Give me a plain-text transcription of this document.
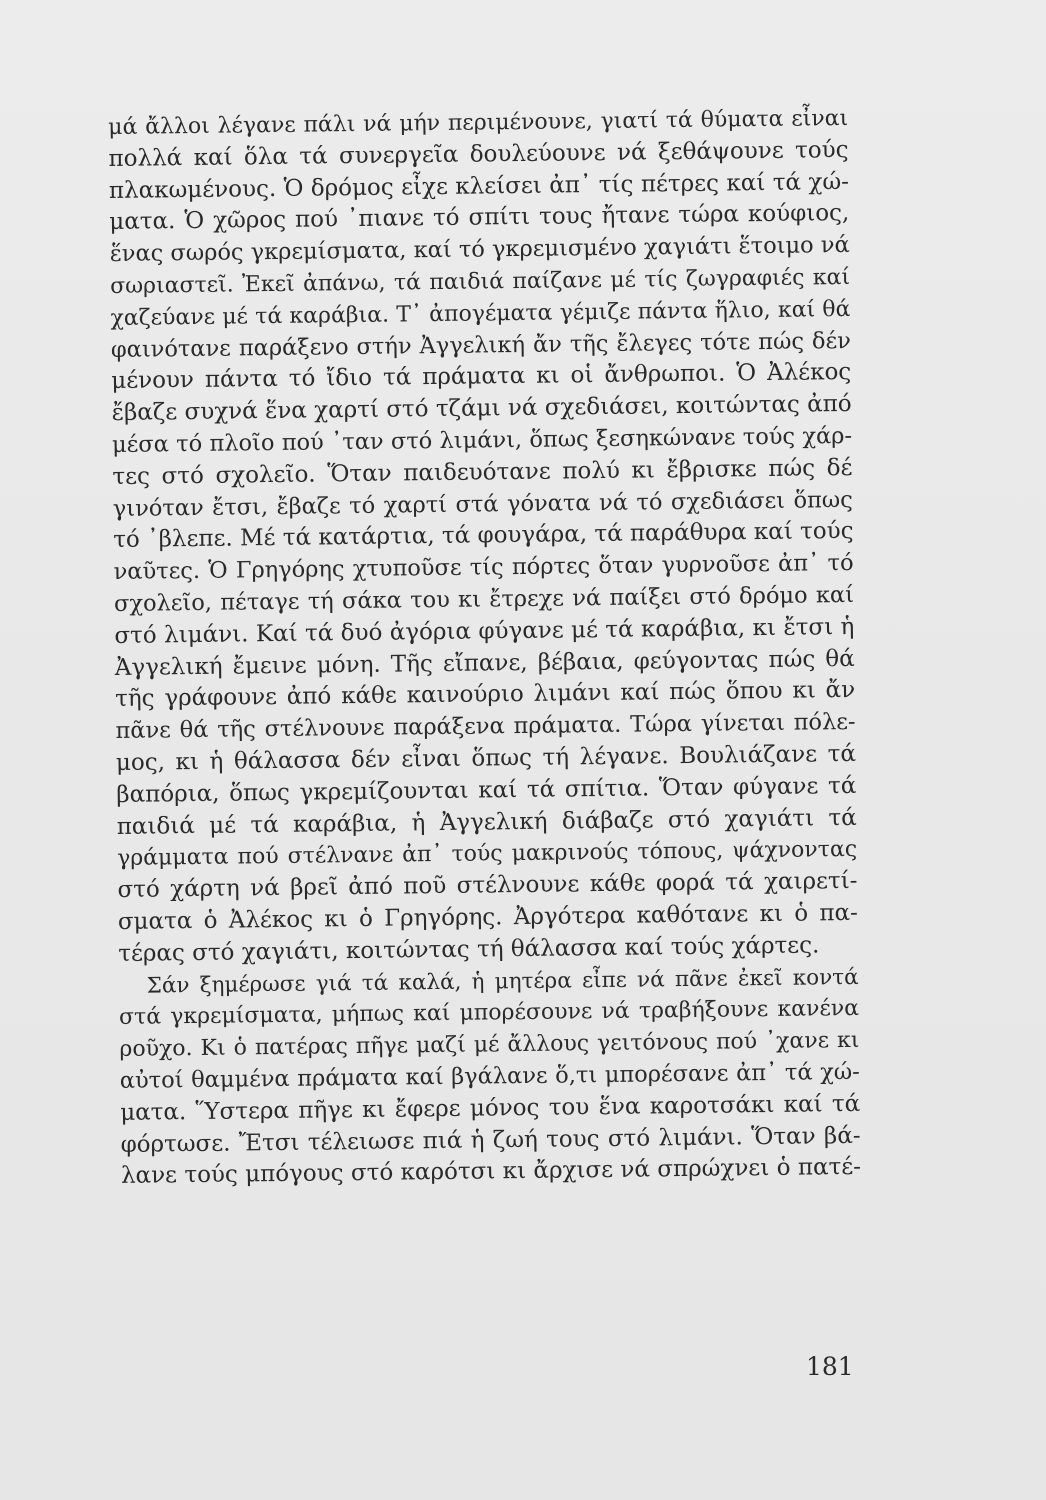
μά ἄλλοι λέγανε πάλι νά μήν περιμένουνε, γιατί τά θύματα εἶναι
πολλά καί ὅλα τά συνεργεῖα δουλεύουνε νά ξεθάψουνε τούς
πλακωμένους. Ὁ δρόμος εἶχε κλείσει ἀπ᾿ τίς πέτρες καί τά χώ-
ματα. Ὁ χῶρος πού ᾿πιανε τό σπίτι τους ἤτανε τώρα κούφιος,
ἕνας σωρός γκρεμίσματα, καί τό γκρεμισμένο χαγιάτι ἕτοιμο νά
σωριαστεῖ. Ἐκεῖ ἀπάνω, τά παιδιά παίζανε μέ τίς ζωγραφιές καί
χαζεύανε μέ τά καράβια. Τ᾿ ἀπογέματα γέμιζε πάντα ἥλιο, καί θά
φαινότανε παράξενο στήν Ἀγγελική ἄν τῆς ἔλεγες τότε πώς δέν
μένουν πάντα τό ἴδιο τά πράματα κι οἱ ἄνθρωποι. Ὁ Ἀλέκος
ἔβαζε συχνά ἕνα χαρτί στό τζάμι νά σχεδιάσει, κοιτώντας ἀπό
μέσα τό πλοῖο πού ᾿ταν στό λιμάνι, ὅπως ξεσηκώνανε τούς χάρ-
τες στό σχολεῖο. Ὅταν παιδευότανε πολύ κι ἔβρισκε πώς δέ
γινόταν ἔτσι, ἔβαζε τό χαρτί στά γόνατα νά τό σχεδιάσει ὅπως
τό ᾿βλεπε. Μέ τά κατάρτια, τά φουγάρα, τά παράθυρα καί τούς
ναῦτες. Ὁ Γρηγόρης χτυποῦσε τίς πόρτες ὅταν γυρνοῦσε ἀπ᾿ τό
σχολεῖο, πέταγε τή σάκα του κι ἔτρεχε νά παίξει στό δρόμο καί
στό λιμάνι. Καί τά δυό ἀγόρια φύγανε μέ τά καράβια, κι ἔτσι ἡ
Ἀγγελική ἔμεινε μόνη. Τῆς εἴπανε, βέβαια, φεύγοντας πώς θά
τῆς γράφουνε ἀπό κάθε καινούριο λιμάνι καί πώς ὅπου κι ἄν
πᾶνε θά τῆς στέλνουνε παράξενα πράματα. Τώρα γίνεται πόλε-
μος, κι ἡ θάλασσα δέν εἶναι ὅπως τή λέγανε. Βουλιάζανε τά
βαπόρια, ὅπως γκρεμίζουνται καί τά σπίτια. Ὅταν φύγανε τά
παιδιά μέ τά καράβια, ἡ Ἀγγελική διάβαζε στό χαγιάτι τά
γράμματα πού στέλνανε ἀπ᾿ τούς μακρινούς τόπους, ψάχνοντας
στό χάρτη νά βρεῖ ἀπό ποῦ στέλνουνε κάθε φορά τά χαιρετί-
σματα ὁ Ἀλέκος κι ὁ Γρηγόρης. Ἀργότερα καθότανε κι ὁ πα-
τέρας στό χαγιάτι, κοιτώντας τή θάλασσα καί τούς χάρτες.
Σάν ξημέρωσε γιά τά καλά, ἡ μητέρα εἶπε νά πᾶνε ἐκεῖ κοντά
στά γκρεμίσματα, μήπως καί μπορέσουνε νά τραβήξουνε κανένα
ροῦχο. Κι ὁ πατέρας πῆγε μαζί μέ ἄλλους γειτόνους πού ᾿χανε κι
αὐτοί θαμμένα πράματα καί βγάλανε ὅ,τι μπορέσανε ἀπ᾿ τά χώ-
ματα. Ὕστερα πῆγε κι ἔφερε μόνος του ἕνα καροτσάκι καί τά
φόρτωσε. Ἔτσι τέλειωσε πιά ἡ ζωή τους στό λιμάνι. Ὅταν βά-
λανε τούς μπόγους στό καρότσι κι ἄρχισε νά σπρώχνει ὁ πατέ-
181
